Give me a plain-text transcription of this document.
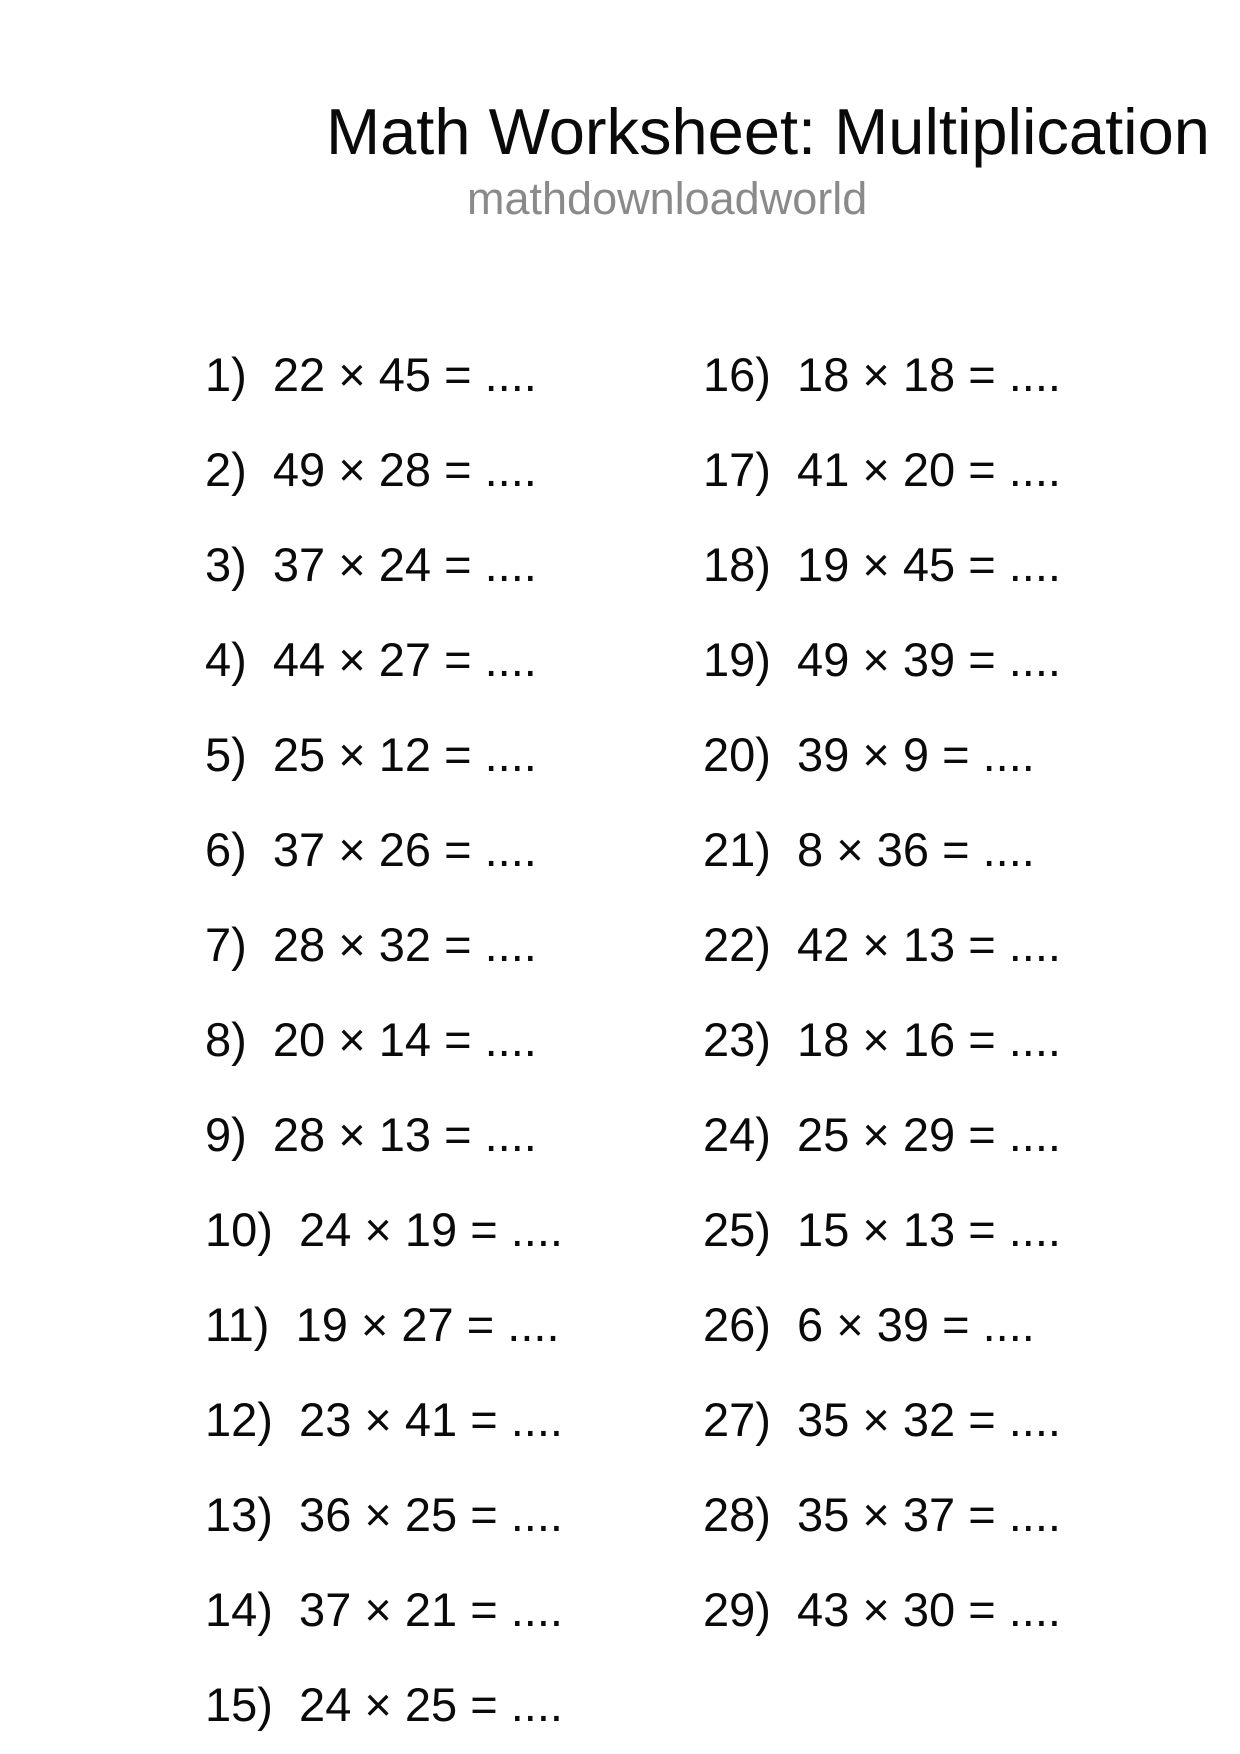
Math Worksheet: Multiplication
mathdownloadworld
1)  22 × 45 = ....
2)  49 × 28 = ....
3)  37 × 24 = ....
4)  44 × 27 = ....
5)  25 × 12 = ....
6)  37 × 26 = ....
7)  28 × 32 = ....
8)  20 × 14 = ....
9)  28 × 13 = ....
10)  24 × 19 = ....
11)  19 × 27 = ....
12)  23 × 41 = ....
13)  36 × 25 = ....
14)  37 × 21 = ....
15)  24 × 25 = ....
16)  18 × 18 = ....
17)  41 × 20 = ....
18)  19 × 45 = ....
19)  49 × 39 = ....
20)  39 × 9 = ....
21)  8 × 36 = ....
22)  42 × 13 = ....
23)  18 × 16 = ....
24)  25 × 29 = ....
25)  15 × 13 = ....
26)  6 × 39 = ....
27)  35 × 32 = ....
28)  35 × 37 = ....
29)  43 × 30 = ....
